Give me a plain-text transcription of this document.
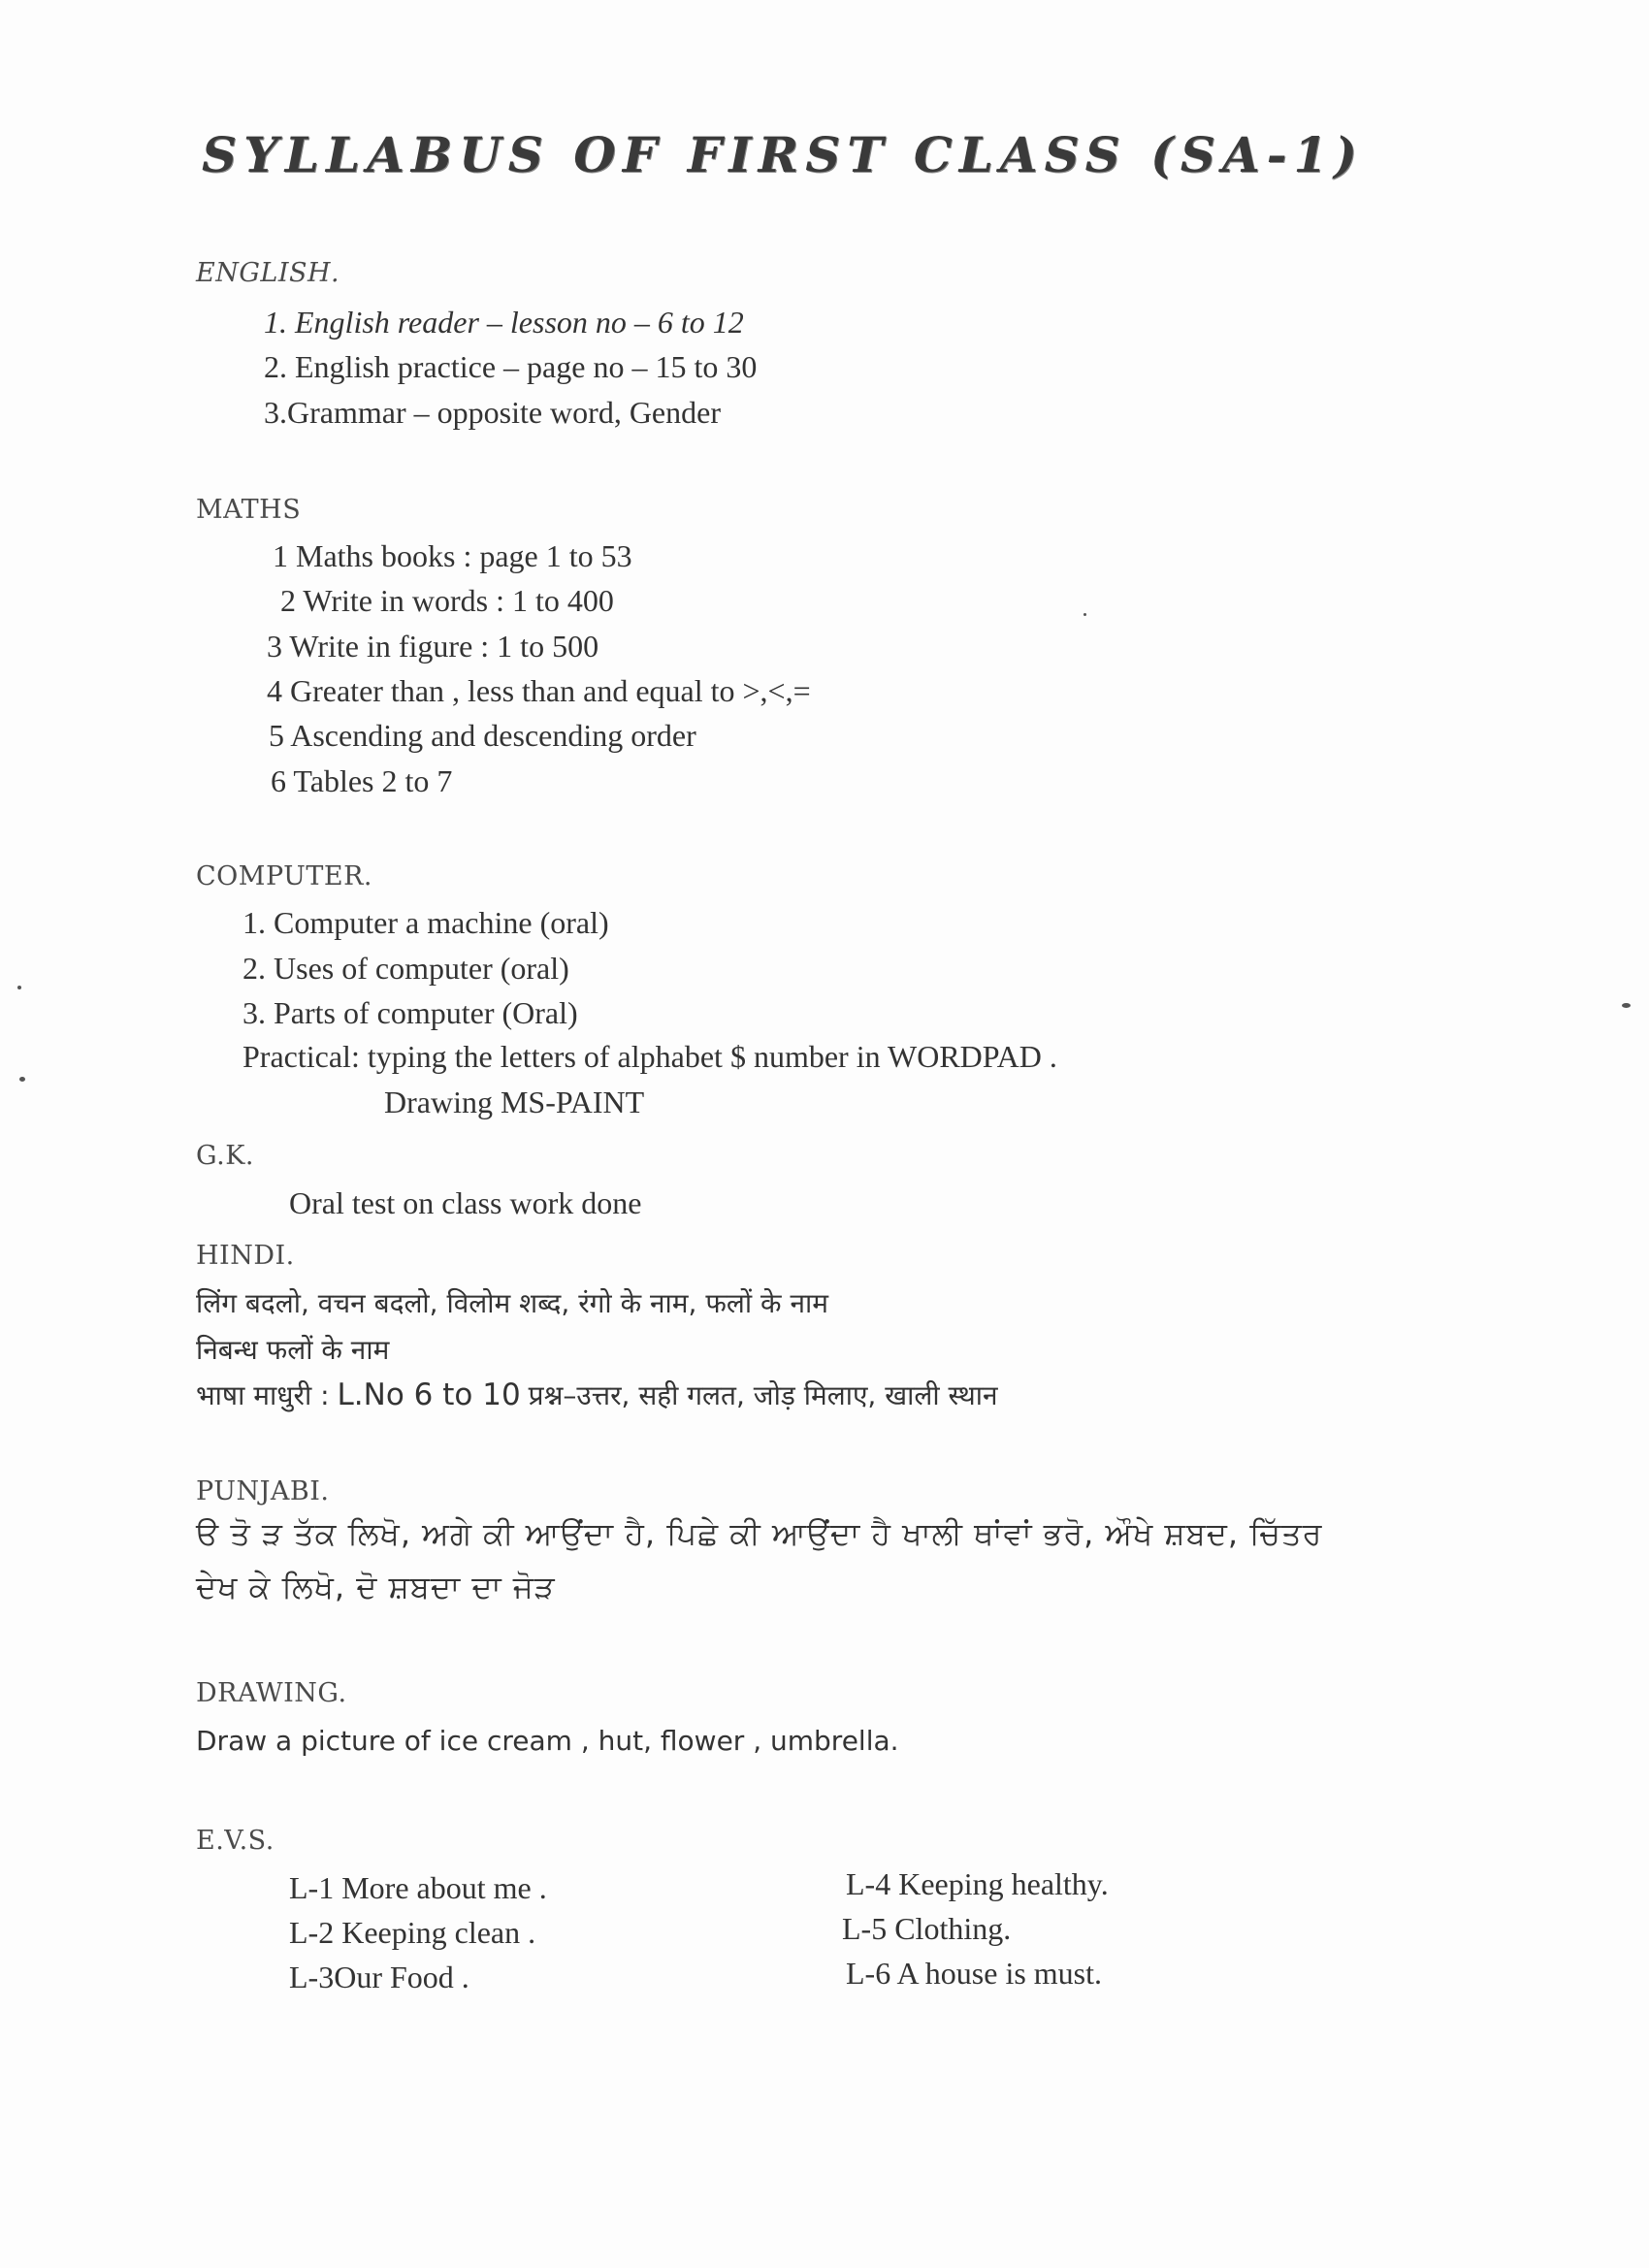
SYLLABUS OF FIRST CLASS (SA-1)
ENGLISH.
1. English reader – lesson no – 6 to 12
2. English practice – page no – 15 to 30
3.Grammar – opposite word, Gender
MATHS
1 Maths books : page 1 to 53
2 Write in words : 1 to 400
3 Write in figure : 1 to 500
4 Greater than , less than and equal to >,<,=
5 Ascending and descending order
6 Tables 2 to 7
COMPUTER.
1. Computer a machine (oral)
2. Uses of computer (oral)
3. Parts of computer (Oral)
Practical: typing the letters of alphabet $ number in WORDPAD .
Drawing MS-PAINT
G.K.
Oral test on class work done
HINDI.
लिंग बदलो, वचन बदलो, विलोम शब्द, रंगो के नाम, फलों के नाम
निबन्ध फलों के नाम
भाषा माधुरी : L.No 6 to 10 प्रश्न–उत्तर, सही गलत, जोड़ मिलाए, खाली स्थान
PUNJABI.
ੳ ਤੋ ੜ ਤੱਕ ਲਿਖੋ, ਅਗੇ ਕੀ ਆਉਂਦਾ ਹੈ, ਪਿਛੇ ਕੀ ਆਉਂਦਾ ਹੈ ਖਾਲੀ ਥਾਂਵਾਂ ਭਰੋ, ਔਖੇ ਸ਼ਬਦ, ਚਿੱਤਰ
ਦੇਖ ਕੇ ਲਿਖੋ, ਦੋ ਸ਼ਬਦਾ ਦਾ ਜੋੜ
DRAWING.
Draw a picture of ice cream , hut, flower , umbrella.
E.V.S.
L-1 More about me .
L-2 Keeping clean .
L-3Our Food .
L-4 Keeping healthy.
L-5 Clothing.
L-6 A house is must.
